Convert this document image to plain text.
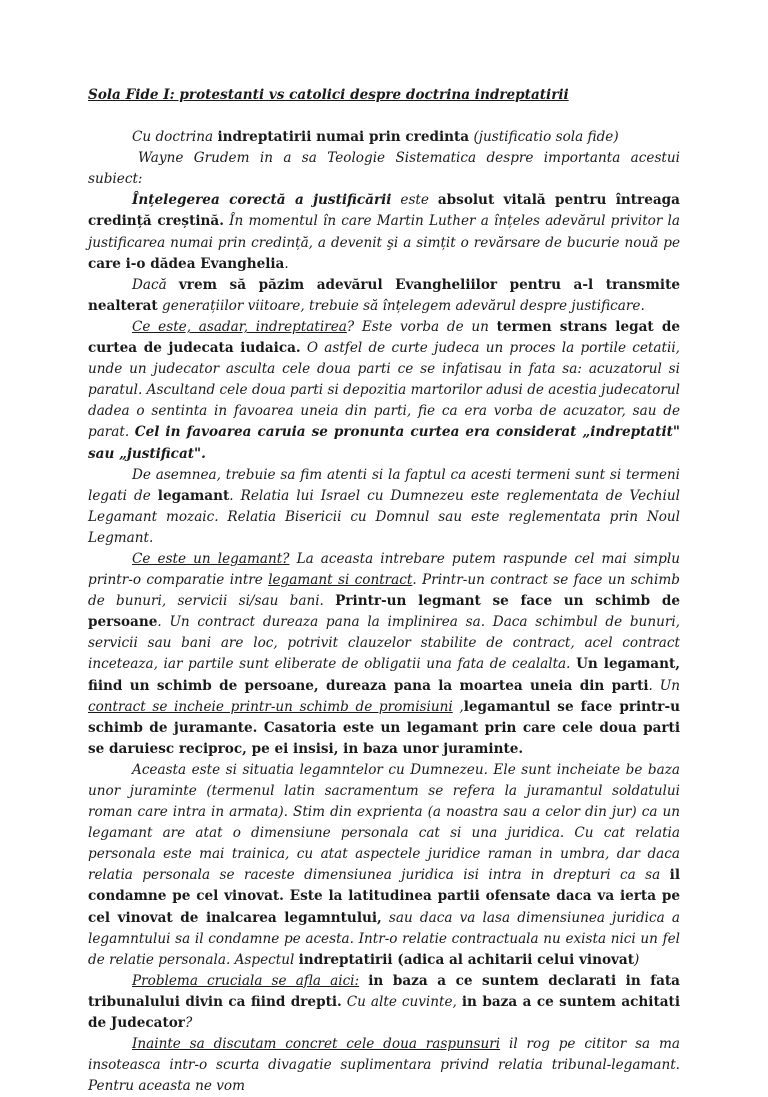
Sola Fide I: protestanti vs catolici despre doctrina indreptatirii

Cu doctrina indreptatirii numai prin credinta (justificatio sola fide)

Wayne Grudem in a sa Teologie Sistematica despre importanta acestui subiect:

Înțelegerea corectă a justificării este absolut vitală pentru întreaga credință creștină. În momentul în care Martin Luther a înțeles adevărul privitor la justificarea numai prin credință, a devenit şi a simțit o revărsare de bucurie nouă pe care i-o dădea Evanghelia.

Dacă vrem să păzim adevărul Evangheliilor pentru a-l transmite nealterat generațiilor viitoare, trebuie să înțelegem adevărul despre justificare.

Ce este, asadar, indreptatirea? Este vorba de un termen strans legat de curtea de judecata iudaica. O astfel de curte judeca un proces la portile cetatii, unde un judecator asculta cele doua parti ce se infatisau in fata sa: acuzatorul si paratul. Ascultand cele doua parti si depozitia martorilor adusi de acestia judecatorul dadea o sentinta in favoarea uneia din parti, fie ca era vorba de acuzator, sau de parat. Cel in favoarea caruia se pronunta curtea era considerat „indreptatit" sau „justificat".

De asemnea, trebuie sa fim atenti si la faptul ca acesti termeni sunt si termeni legati de legamant. Relatia lui Israel cu Dumnezeu este reglementata de Vechiul Legamant mozaic. Relatia Bisericii cu Domnul sau este reglementata prin Noul Legmant.

Ce este un legamant? La aceasta intrebare putem raspunde cel mai simplu printr-o comparatie intre legamant si contract. Printr-un contract se face un schimb de bunuri, servicii si/sau bani. Printr-un legmant se face un schimb de persoane. Un contract dureaza pana la implinirea sa. Daca schimbul de bunuri, servicii sau bani are loc, potrivit clauzelor stabilite de contract, acel contract inceteaza, iar partile sunt eliberate de obligatii una fata de cealalta. Un legamant, fiind un schimb de persoane, dureaza pana la moartea uneia din parti. Un contract se incheie printr-un schimb de promisiuni ,legamantul se face printr-u schimb de juramante. Casatoria este un legamant prin care cele doua parti se daruiesc reciproc, pe ei insisi, in baza unor juraminte.

Aceasta este si situatia legamntelor cu Dumnezeu. Ele sunt incheiate be baza unor juraminte (termenul latin sacramentum se refera la juramantul soldatului roman care intra in armata). Stim din exprienta (a noastra sau a celor din jur) ca un legamant are atat o dimensiune personala cat si una juridica. Cu cat relatia personala este mai trainica, cu atat aspectele juridice raman in umbra, dar daca relatia personala se raceste dimensiunea juridica isi intra in drepturi ca sa il condamne pe cel vinovat. Este la latitudinea partii ofensate daca va ierta pe cel vinovat de inalcarea legamntului, sau daca va lasa dimensiunea juridica a legamntului sa il condamne pe acesta. Intr-o relatie contractuala nu exista nici un fel de relatie personala. Aspectul indreptatirii (adica al achitarii celui vinovat)

Problema cruciala se afla aici: in baza a ce suntem declarati in fata tribunalului divin ca fiind drepti. Cu alte cuvinte, in baza a ce suntem achitati de Judecator?

Inainte sa discutam concret cele doua raspunsuri il rog pe cititor sa ma insoteasca intr-o scurta divagatie suplimentara privind relatia tribunal-legamant. Pentru aceasta ne vom
